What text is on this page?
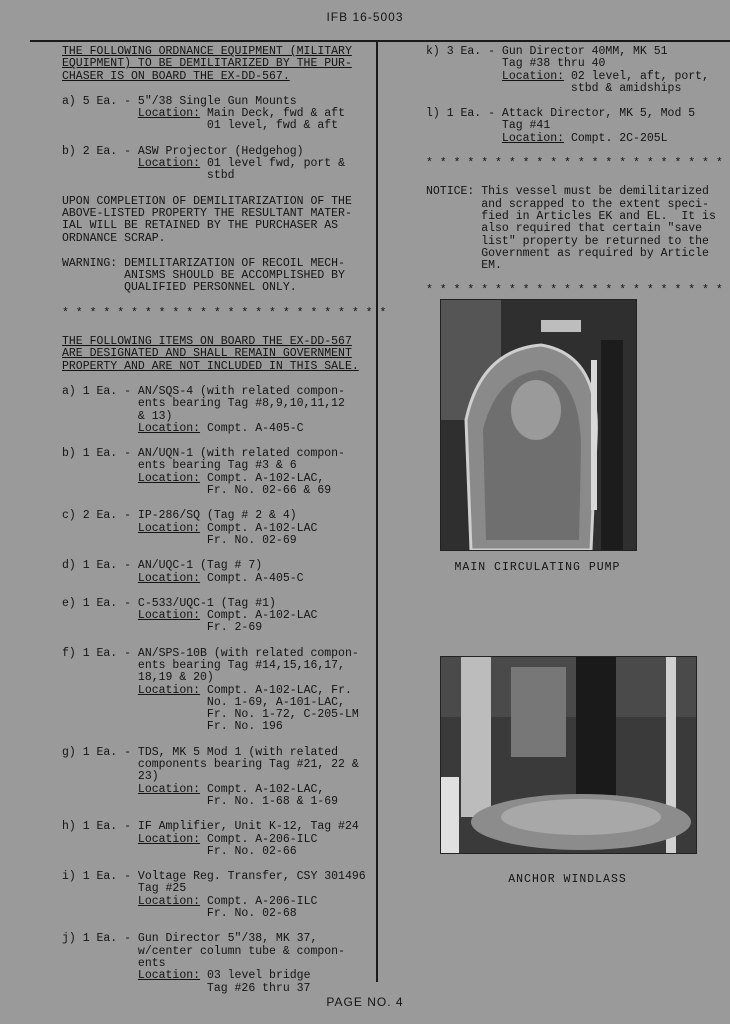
IFB 16-5003

THE FOLLOWING ORDNANCE EQUIPMENT (MILITARY
EQUIPMENT) TO BE DEMILITARIZED BY THE PUR-
CHASER IS ON BOARD THE EX-DD-567.

a) 5 Ea. - 5"/38 Single Gun Mounts
Location: Main Deck, fwd & aft
01 level, fwd & aft

b) 2 Ea. - ASW Projector (Hedgehog)
Location: 01 level fwd, port &
stbd

UPON COMPLETION OF DEMILITARIZATION OF THE
ABOVE-LISTED PROPERTY THE RESULTANT MATER-
IAL WILL BE RETAINED BY THE PURCHASER AS
ORDNANCE SCRAP.

WARNING: DEMILITARIZATION OF RECOIL MECH-
ANISMS SHOULD BE ACCOMPLISHED BY
QUALIFIED PERSONNEL ONLY.

* * * * * * * * * * * * * * * * * * * * * * * *

THE FOLLOWING ITEMS ON BOARD THE EX-DD-567
ARE DESIGNATED AND SHALL REMAIN GOVERNMENT
PROPERTY AND ARE NOT INCLUDED IN THIS SALE.

a) 1 Ea. - AN/SQS-4 (with related compon-
ents bearing Tag #8,9,10,11,12
& 13)
Location: Compt. A-405-C

b) 1 Ea. - AN/UQN-1 (with related compon-
ents bearing Tag #3 & 6
Location: Compt. A-102-LAC,
Fr. No. 02-66 & 69

c) 2 Ea. - IP-286/SQ (Tag # 2 & 4)
Location: Compt. A-102-LAC
Fr. No. 02-69

d) 1 Ea. - AN/UQC-1 (Tag # 7)
Location: Compt. A-405-C

e) 1 Ea. - C-533/UQC-1 (Tag #1)
Location: Compt. A-102-LAC
Fr. 2-69

f) 1 Ea. - AN/SPS-10B (with related compon-
ents bearing Tag #14,15,16,17,
18,19 & 20)
Location: Compt. A-102-LAC, Fr.
No. 1-69, A-101-LAC,
Fr. No. 1-72, C-205-LM
Fr. No. 196

g) 1 Ea. - TDS, MK 5 Mod 1 (with related
components bearing Tag #21, 22 &
23)
Location: Compt. A-102-LAC,
Fr. No. 1-68 & 1-69

h) 1 Ea. - IF Amplifier, Unit K-12, Tag #24
Location: Compt. A-206-ILC
Fr. No. 02-66

i) 1 Ea. - Voltage Reg. Transfer, CSY 301496
Tag #25
Location: Compt. A-206-ILC
Fr. No. 02-68

j) 1 Ea. - Gun Director 5"/38, MK 37,
w/center column tube & compon-
ents
Location: 03 level bridge
Tag #26 thru 37

k) 3 Ea. - Gun Director 40MM, MK 51
Tag #38 thru 40
Location: 02 level, aft, port,
stbd & amidships

l) 1 Ea. - Attack Director, MK 5, Mod 5
Tag #41
Location: Compt. 2C-205L

* * * * * * * * * * * * * * * * * * * * * *

NOTICE: This vessel must be demilitarized
and scrapped to the extent speci-
fied in Articles EK and EL.  It is
also required that certain "save
list" property be returned to the
Government as required by Article
EM.

* * * * * * * * * * * * * * * * * * * * * *

MAIN CIRCULATING PUMP
ANCHOR WINDLASS
PAGE NO. 4
